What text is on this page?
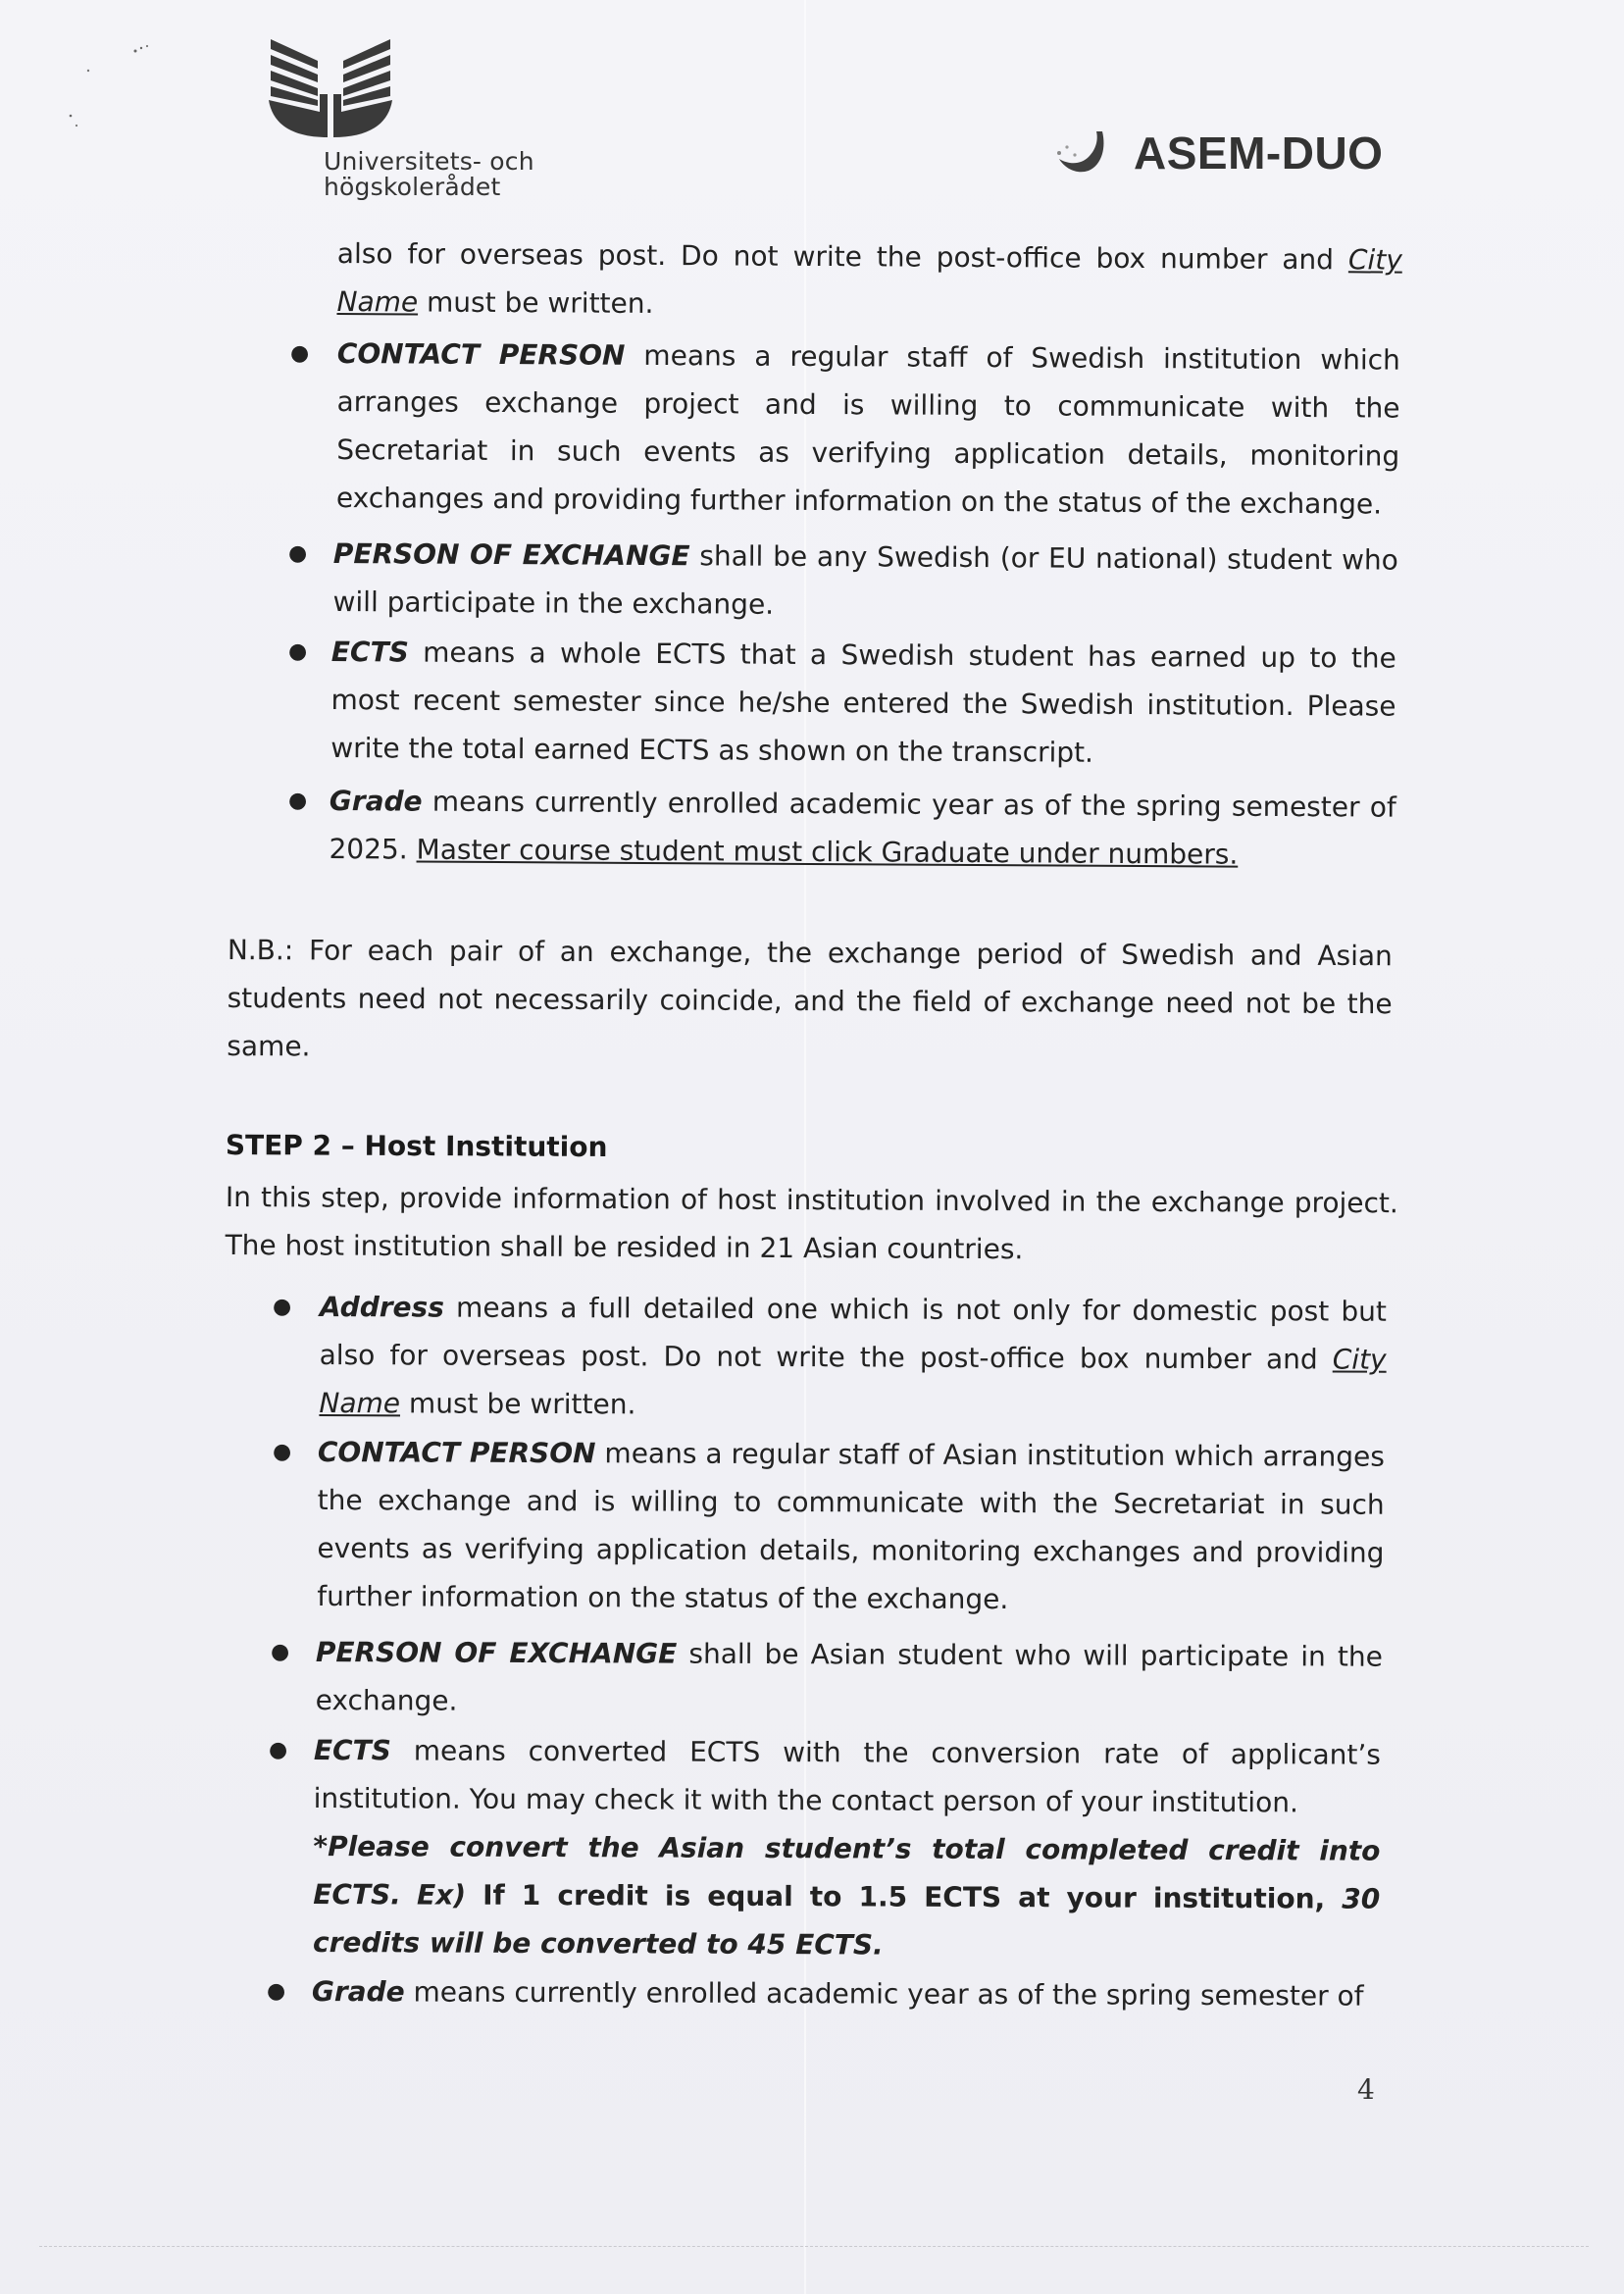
Universitets- och
högskolerådet
ASEM-DUO
also for overseas post. Do not write the post-office box number and City Name must be written.
● CONTACT PERSON means a regular staff of Swedish institution which arranges exchange project and is willing to communicate with the Secretariat in such events as verifying application details, monitoring exchanges and providing further information on the status of the exchange.
● PERSON OF EXCHANGE shall be any Swedish (or EU national) student who will participate in the exchange.
● ECTS means a whole ECTS that a Swedish student has earned up to the most recent semester since he/she entered the Swedish institution. Please write the total earned ECTS as shown on the transcript.
● Grade means currently enrolled academic year as of the spring semester of 2025. Master course student must click Graduate under numbers.
N.B.: For each pair of an exchange, the exchange period of Swedish and Asian students need not necessarily coincide, and the field of exchange need not be the same.
STEP 2 – Host Institution
In this step, provide information of host institution involved in the exchange project. The host institution shall be resided in 21 Asian countries.
● Address means a full detailed one which is not only for domestic post but also for overseas post. Do not write the post-office box number and City Name must be written.
● CONTACT PERSON means a regular staff of Asian institution which arranges the exchange and is willing to communicate with the Secretariat in such events as verifying application details, monitoring exchanges and providing further information on the status of the exchange.
● PERSON OF EXCHANGE shall be Asian student who will participate in the exchange.
● ECTS means converted ECTS with the conversion rate of applicant’s institution. You may check it with the contact person of your institution.
*Please convert the Asian student’s total completed credit into ECTS. Ex) If 1 credit is equal to 1.5 ECTS at your institution, 30 credits will be converted to 45 ECTS.
● Grade means currently enrolled academic year as of the spring semester of
4
